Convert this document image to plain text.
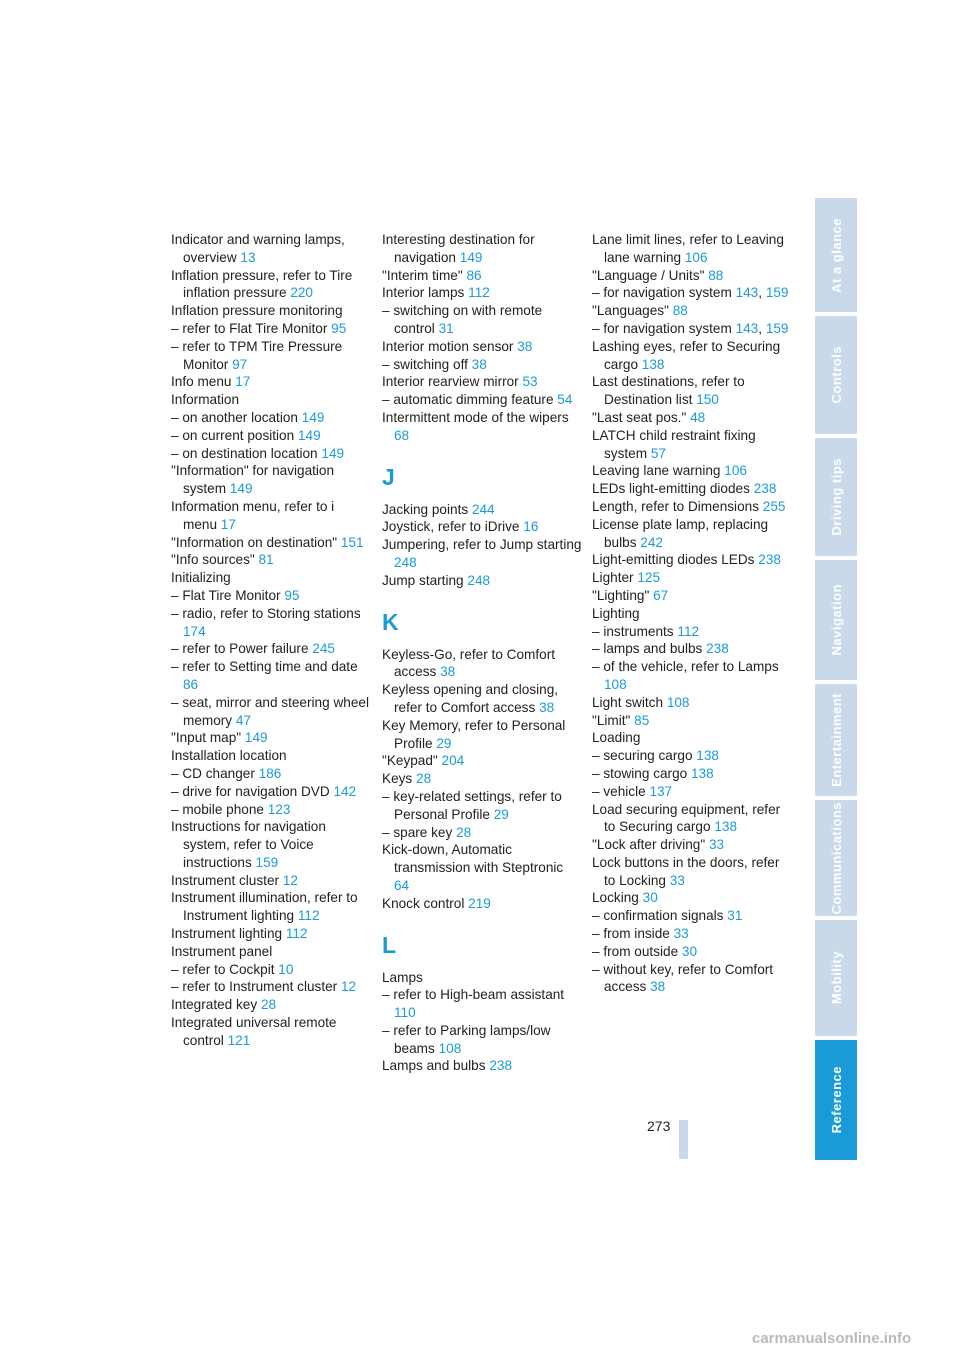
Indicator and warning lamps, overview 13
Inflation pressure, refer to Tire inflation pressure 220
Inflation pressure monitoring
– refer to Flat Tire Monitor 95
– refer to TPM Tire Pressure Monitor 97
Info menu 17
Information
– on another location 149
– on current position 149
– on destination location 149
"Information" for navigation system 149
Information menu, refer to i menu 17
"Information on destination" 151
"Info sources" 81
Initializing
– Flat Tire Monitor 95
– radio, refer to Storing stations 174
– refer to Power failure 245
– refer to Setting time and date 86
– seat, mirror and steering wheel memory 47
"Input map" 149
Installation location
– CD changer 186
– drive for navigation DVD 142
– mobile phone 123
Instructions for navigation system, refer to Voice instructions 159
Instrument cluster 12
Instrument illumination, refer to Instrument lighting 112
Instrument lighting 112
Instrument panel
– refer to Cockpit 10
– refer to Instrument cluster 12
Integrated key 28
Integrated universal remote control 121
Interesting destination for navigation 149
"Interim time" 86
Interior lamps 112
– switching on with remote control 31
Interior motion sensor 38
– switching off 38
Interior rearview mirror 53
– automatic dimming feature 54
Intermittent mode of the wipers 68
J
Jacking points 244
Joystick, refer to iDrive 16
Jumpering, refer to Jump starting 248
Jump starting 248
K
Keyless-Go, refer to Comfort access 38
Keyless opening and closing, refer to Comfort access 38
Key Memory, refer to Personal Profile 29
"Keypad" 204
Keys 28
– key-related settings, refer to Personal Profile 29
– spare key 28
Kick-down, Automatic transmission with Steptronic 64
Knock control 219
L
Lamps
– refer to High-beam assistant 110
– refer to Parking lamps/low beams 108
Lamps and bulbs 238
Lane limit lines, refer to Leaving lane warning 106
"Language / Units" 88
– for navigation system 143, 159
"Languages" 88
– for navigation system 143, 159
Lashing eyes, refer to Securing cargo 138
Last destinations, refer to Destination list 150
"Last seat pos." 48
LATCH child restraint fixing system 57
Leaving lane warning 106
LEDs light-emitting diodes 238
Length, refer to Dimensions 255
License plate lamp, replacing bulbs 242
Light-emitting diodes LEDs 238
Lighter 125
"Lighting" 67
Lighting
– instruments 112
– lamps and bulbs 238
– of the vehicle, refer to Lamps 108
Light switch 108
"Limit" 85
Loading
– securing cargo 138
– stowing cargo 138
– vehicle 137
Load securing equipment, refer to Securing cargo 138
"Lock after driving" 33
Lock buttons in the doors, refer to Locking 33
Locking 30
– confirmation signals 31
– from inside 33
– from outside 30
– without key, refer to Comfort access 38
At a glance
Controls
Driving tips
Navigation
Entertainment
Communications
Mobility
Reference
273
carmanualsonline.info
